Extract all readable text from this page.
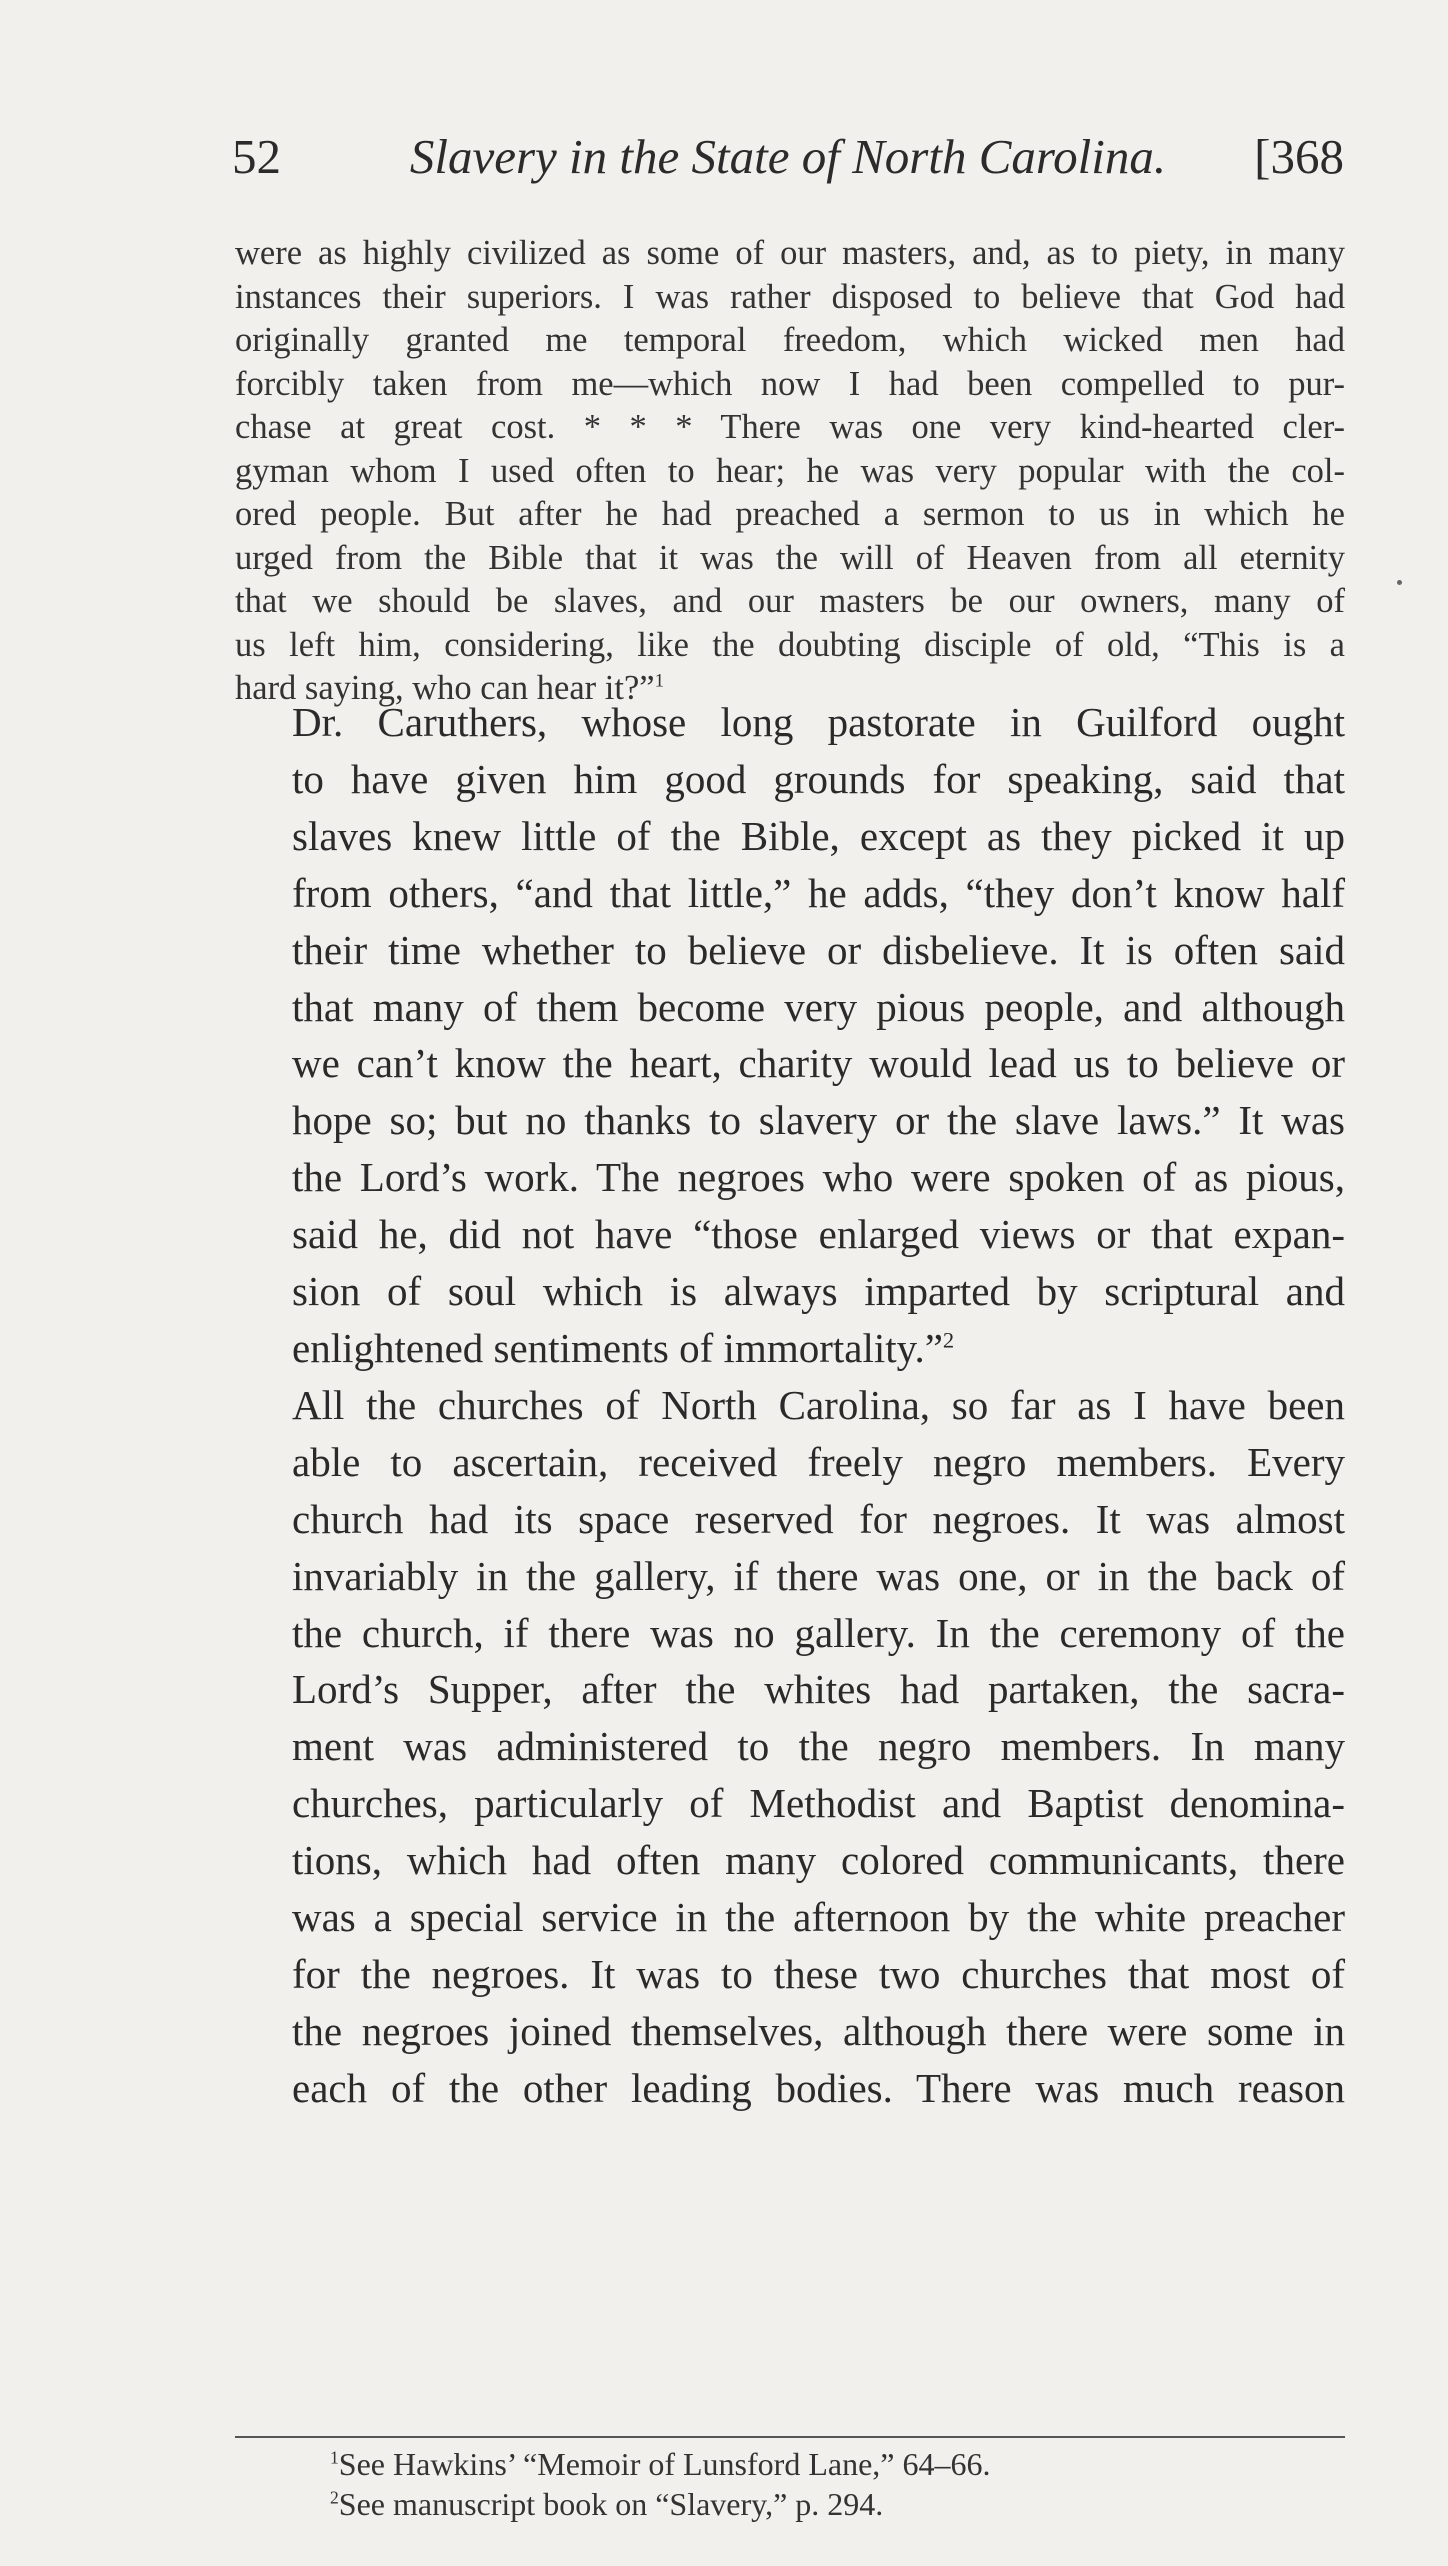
52	Slavery in the State of North Carolina.	[368
were as highly civilized as some of our masters, and, as to piety, in many
instances their superiors. I was rather disposed to believe that God had
originally granted me temporal freedom, which wicked men had
forcibly taken from me—which now I had been compelled to pur-
chase at great cost. * * * There was one very kind-hearted cler-
gyman whom I used often to hear; he was very popular with the col-
ored people. But after he had preached a sermon to us in which he
urged from the Bible that it was the will of Heaven from all eternity
that we should be slaves, and our masters be our owners, many of
us left him, considering, like the doubting disciple of old, “This is a
hard saying, who can hear it?”$^1$
Dr. Caruthers, whose long pastorate in Guilford ought
to have given him good grounds for speaking, said that
slaves knew little of the Bible, except as they picked it up
from others, “and that little,” he adds, “they don’t know half
their time whether to believe or disbelieve. It is often said
that many of them become very pious people, and although
we can’t know the heart, charity would lead us to believe or
hope so; but no thanks to slavery or the slave laws.” It was
the Lord’s work. The negroes who were spoken of as pious,
said he, did not have “those enlarged views or that expan-
sion of soul which is always imparted by scriptural and
enlightened sentiments of immortality.”$^2$
All the churches of North Carolina, so far as I have been
able to ascertain, received freely negro members. Every
church had its space reserved for negroes. It was almost
invariably in the gallery, if there was one, or in the back of
the church, if there was no gallery. In the ceremony of the
Lord’s Supper, after the whites had partaken, the sacra-
ment was administered to the negro members. In many
churches, particularly of Methodist and Baptist denomina-
tions, which had often many colored communicants, there
was a special service in the afternoon by the white preacher
for the negroes. It was to these two churches that most of
the negroes joined themselves, although there were some in
each of the other leading bodies. There was much reason
$^1$See Hawkins’ “Memoir of Lunsford Lane,” 64–66.
$^2$See manuscript book on “Slavery,” p. 294.
